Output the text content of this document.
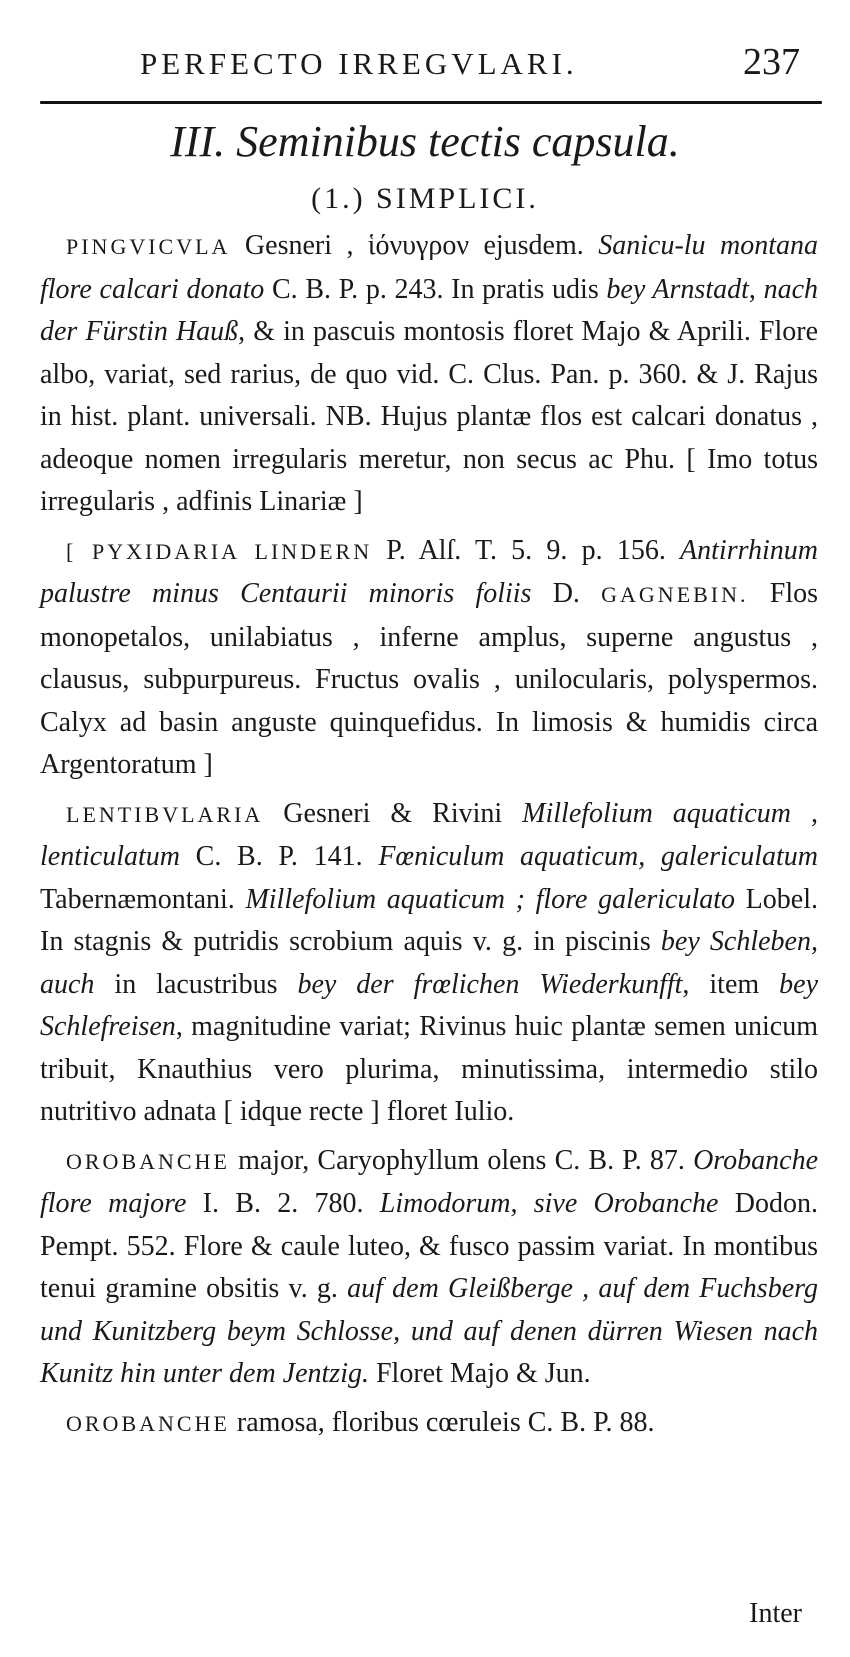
PERFECTO IRREGVLARI.	237
III. Seminibus tectis capsula.
(1.) SIMPLICI.

PINGVICVLA Gesneri , ἱόνυγρον ejusdem. Sanicu-lu montana flore calcari donato C. B. P. p. 243. In pratis udis bey Arnstadt, nach der Fürstin Hauß, & in pascuis montosis floret Majo & Aprili. Flore albo, variat, sed rarius, de quo vid. C. Clus. Pan. p. 360. & J. Rajus in hist. plant. universali. NB. Hujus plantæ flos est calcari donatus , adeoque nomen irregularis meretur, non secus ac Phu. [ Imo totus irregularis , adfinis Linariæ ]

[ PYXIDARIA LINDERN P. Alſ. T. 5. 9. p. 156. Antirrhinum palustre minus Centaurii minoris foliis D. GAGNEBIN. Flos monopetalos, unilabiatus , inferne amplus, superne angustus , clausus, subpurpureus. Fructus ovalis , unilocularis, polyspermos. Calyx ad basin anguste quinquefidus. In limosis & humidis circa Argentoratum ]

LENTIBVLARIA Gesneri & Rivini Millefolium aquaticum , lenticulatum C. B. P. 141. Fœniculum aquaticum, galericulatum Tabernæmontani. Millefolium aquaticum ; flore galericulato Lobel. In stagnis & putridis scrobium aquis v. g. in piscinis bey Schleben, auch in lacustribus bey der frœlichen Wiederkunfft, item bey Schlefreisen, magnitudine variat; Rivinus huic plantæ semen unicum tribuit, Knauthius vero plurima, minutissima, intermedio stilo nutritivo adnata [ idque recte ] floret Iulio.

OROBANCHE major, Caryophyllum olens C. B. P. 87. Orobanche flore majore I. B. 2. 780. Limodorum, sive Orobanche Dodon. Pempt. 552. Flore & caule luteo, & fusco passim variat. In montibus tenui gramine obsitis v. g. auf dem Gleißberge , auf dem Fuchsberg und Kunitzberg beym Schlosse, und auf denen dürren Wiesen nach Kunitz hin unter dem Jentzig. Floret Majo & Jun.

OROBANCHE ramosa, floribus cœruleis C. B. P. 88.

Inter
